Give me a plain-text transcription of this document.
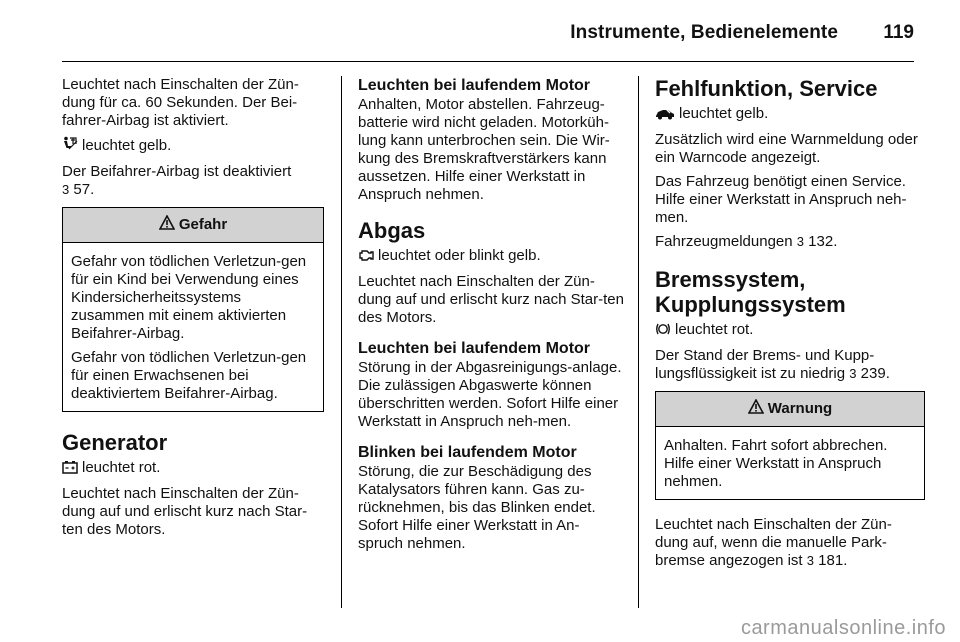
Instrumente, Bedienelemente 119

Leuchtet nach Einschalten der Zün-dung für ca. 60 Sekunden. Der Bei-fahrer-Airbag ist aktiviert.

leuchtet gelb.

Der Beifahrer-Airbag ist deaktiviert
3 57.

Gefahr

Gefahr von tödlichen Verletzun-gen für ein Kind bei Verwendung eines Kindersicherheitssystems zusammen mit einem aktivierten Beifahrer-Airbag.

Gefahr von tödlichen Verletzun-gen für einen Erwachsenen bei deaktiviertem Beifahrer-Airbag.

Generator

leuchtet rot.

Leuchtet nach Einschalten der Zün-dung auf und erlischt kurz nach Star-ten des Motors.

Leuchten bei laufendem Motor

Anhalten, Motor abstellen. Fahrzeug-batterie wird nicht geladen. Motorküh-lung kann unterbrochen sein. Die Wir-kung des Bremskraftverstärkers kann aussetzen. Hilfe einer Werkstatt in Anspruch nehmen.

Abgas

leuchtet oder blinkt gelb.

Leuchtet nach Einschalten der Zün-dung auf und erlischt kurz nach Star-ten des Motors.

Leuchten bei laufendem Motor

Störung in der Abgasreinigungs-anlage. Die zulässigen Abgaswerte können überschritten werden. Sofort Hilfe einer Werkstatt in Anspruch neh-men.

Blinken bei laufendem Motor

Störung, die zur Beschädigung des Katalysators führen kann. Gas zu-rücknehmen, bis das Blinken endet. Sofort Hilfe einer Werkstatt in An-spruch nehmen.

Fehlfunktion, Service

leuchtet gelb.

Zusätzlich wird eine Warnmeldung oder ein Warncode angezeigt.

Das Fahrzeug benötigt einen Service. Hilfe einer Werkstatt in Anspruch neh-men.

Fahrzeugmeldungen 3 132.

Bremssystem,
Kupplungssystem

leuchtet rot.

Der Stand der Brems- und Kupp-lungsflüssigkeit ist zu niedrig 3 239.

Warnung

Anhalten. Fahrt sofort abbrechen. Hilfe einer Werkstatt in Anspruch nehmen.

Leuchtet nach Einschalten der Zün-dung auf, wenn die manuelle Park-bremse angezogen ist 3 181.

carmanualsonline.info
